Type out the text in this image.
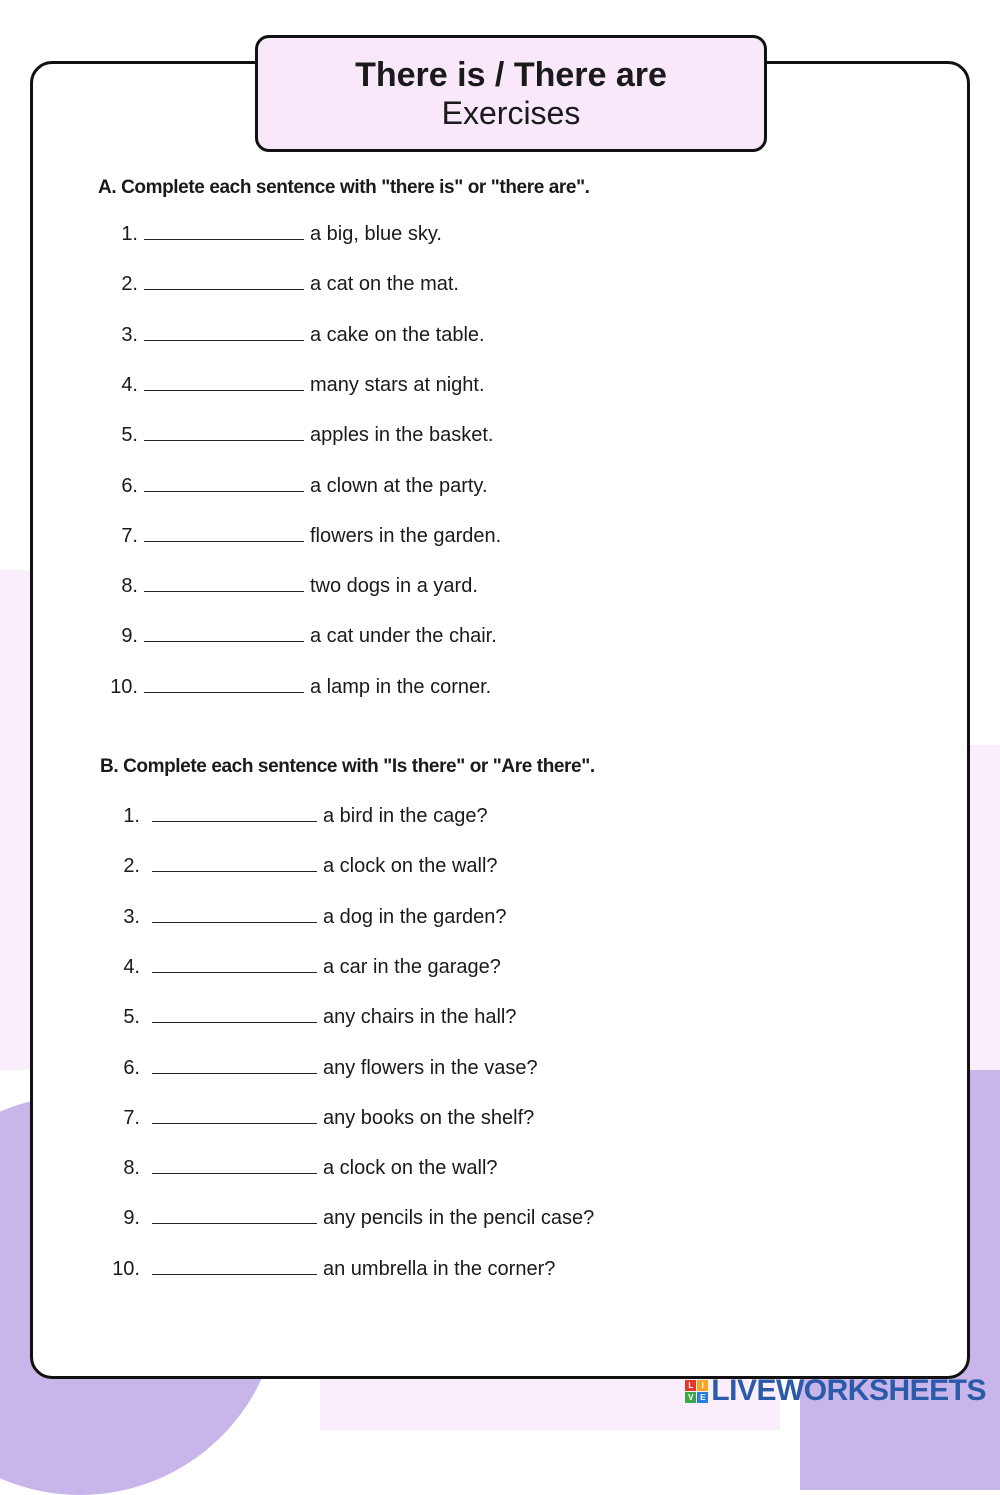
There is / There are
Exercises
A. Complete each sentence with "there is" or "there are".
1.	a big, blue sky.
2.	a cat on the mat.
3.	a cake on the table.
4.	many stars at night.
5.	apples in the basket.
6.	a clown at the party.
7.	flowers in the garden.
8.	two dogs in a yard.
9.	a cat under the chair.
10.	a lamp in the corner.
B. Complete each sentence with "Is there" or "Are there".
1.	a bird in the cage?
2.	a clock on the wall?
3.	a dog in the garden?
4.	a car in the garage?
5.	any chairs in the hall?
6.	any flowers in the vase?
7.	any books on the shelf?
8.	a clock on the wall?
9.	any pencils in the pencil case?
10.	an umbrella in the corner?
L	I
V E LIVEWORKSHEETS
